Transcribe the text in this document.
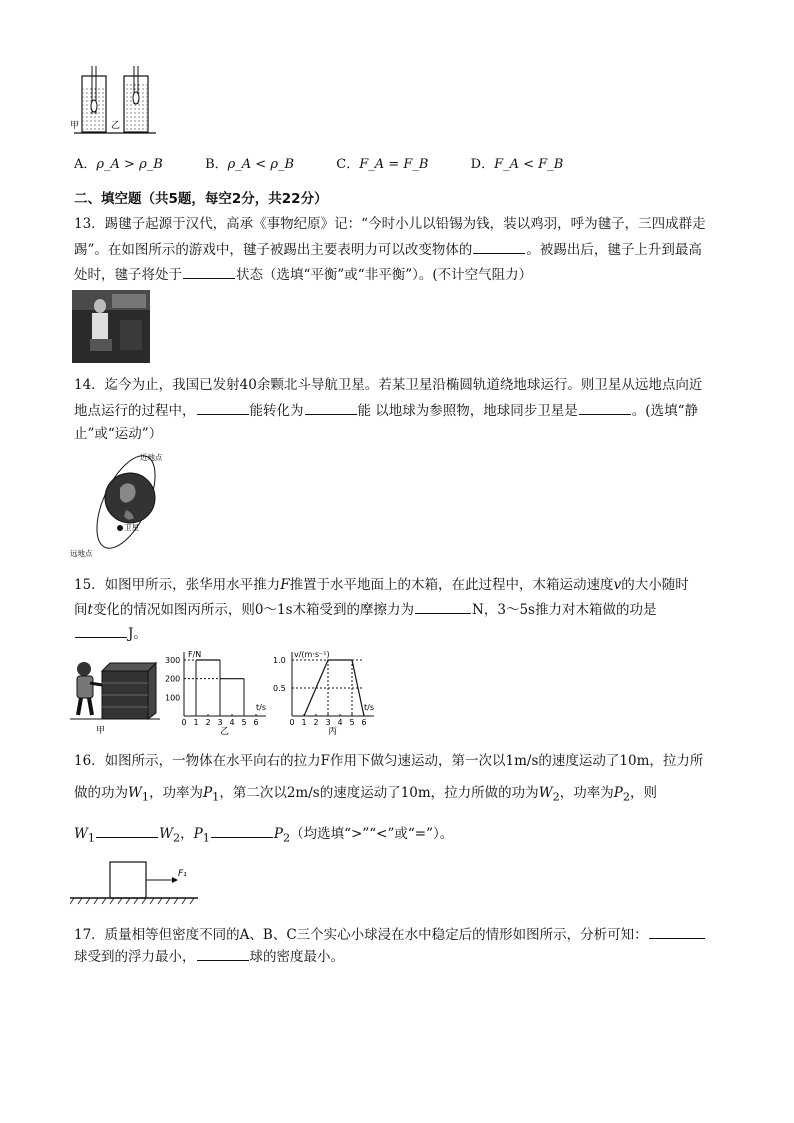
甲	乙
A．ρ_A > ρ_B	B．ρ_A < ρ_B	C．F_A = F_B	D．F_A < F_B
二、填空题（共5题，每空2分，共22分）
13．踢毽子起源于汉代，高承《事物纪原》记：“今时小儿以铅锡为钱，装以鸡羽，呼为毽子，三四成群走
踢”。在如图所示的游戏中，毽子被踢出主要表明力可以改变物体的	。被踢出后，毽子上升到最高
处时，毽子将处于	状态（选填“平衡”或“非平衡”）。(不计空气阻力）
14．迄今为止，我国已发射40余颗北斗导航卫星。若某卫星沿椭圆轨道绕地球运行。则卫星从远地点向近
地点运行的过程中，	能转化为	能 以地球为参照物，地球同步卫星是	。(选填“静
止”或“运动”）
近地点
卫星
远地点
15．如图甲所示，张华用水平推力F推置于水平地面上的木箱，在此过程中，木箱运动速度v的大小随时
间t变化的情况如图丙所示，则0～1s木箱受到的摩擦力为	N，3～5s推力对木箱做的功是
J。
甲
F/N
t/s
0 1 2 3 4 5 6
100
200
300
乙
v/(m·s⁻¹)
t/s
0 1 2 3 4 5 6
0.5
1.0
丙
16．如图所示，一物体在水平向右的拉力F作用下做匀速运动，第一次以1m/s的速度运动了10m，拉力所
做的功为$W_1$，功率为$P_1$，第二次以2m/s的速度运动了10m，拉力所做的功为$W_2$，功率为$P_2$，则
$W_1$	$W_2$，$P_1$	$P_2$（均选填“>”“<”或“=”）。
F₁
17．质量相等但密度不同的A、B、C三个实心小球浸在水中稳定后的情形如图所示，分析可知：
球受到的浮力最小，	球的密度最小。
